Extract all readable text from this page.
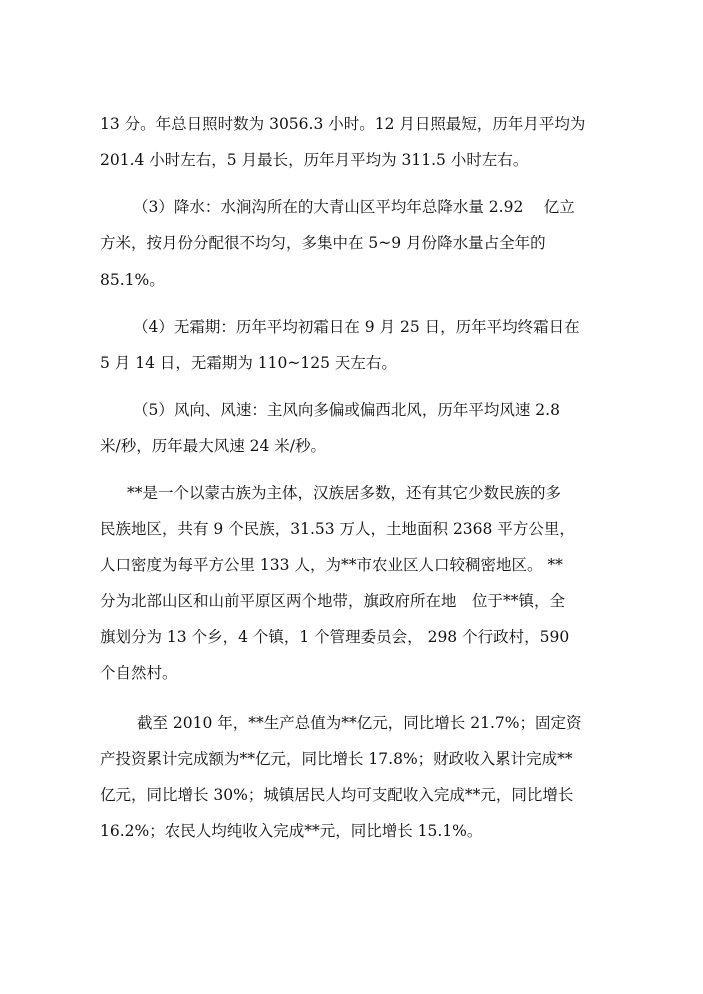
13 分。年总日照时数为 3056.3 小时。12 月日照最短，历年月平均为
201.4 小时左右，5 月最长，历年月平均为 311.5 小时左右。
（3）降水：水涧沟所在的大青山区平均年总降水量 2.92　 亿立
方米，按月份分配很不均匀，多集中在 5~9 月份降水量占全年的
85.1%。
（4）无霜期：历年平均初霜日在 9 月 25 日，历年平均终霜日在
5 月 14 日，无霜期为 110~125 天左右。
（5）风向、风速：主风向多偏或偏西北风，历年平均风速 2.8
米/秒，历年最大风速 24 米/秒。
**是一个以蒙古族为主体，汉族居多数，还有其它少数民族的多
民族地区，共有 9 个民族，31.53 万人，土地面积 2368 平方公里，
人口密度为每平方公里 133 人，为**市农业区人口较稠密地区。 **
分为北部山区和山前平原区两个地带，旗政府所在地　位于**镇，全
旗划分为 13 个乡，4 个镇，1 个管理委员会， 298 个行政村，590
个自然村。
截至 2010 年，**生产总值为**亿元，同比增长 21.7%；固定资
产投资累计完成额为**亿元，同比增长 17.8%；财政收入累计完成**
亿元，同比增长 30%；城镇居民人均可支配收入完成**元，同比增长
16.2%；农民人均纯收入完成**元，同比增长 15.1%。
